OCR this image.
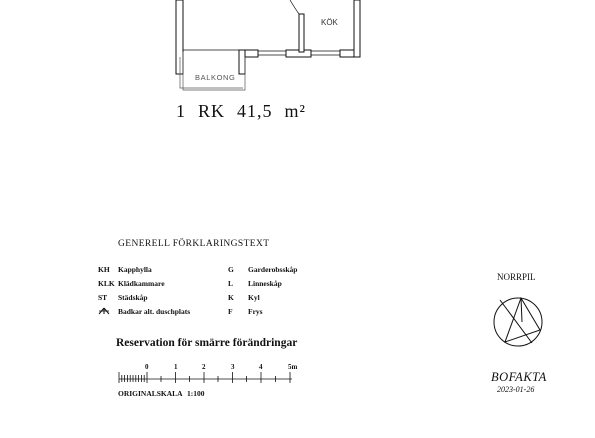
KÖK
BALKONG
0	1	2	3	4	5m
1 RK 41,5 m²
GENERELL FÖRKLARINGSTEXT
KH Kapphylla
KLK Klädkammare
ST Städskåp
Badkar alt. duschplats
G Garderobsskåp
L Linneskåp
K Kyl
F Frys
Reservation för smärre förändringar
ORIGINALSKALA 1:100
NORRPIL
BOFAKTA
2023-01-26
